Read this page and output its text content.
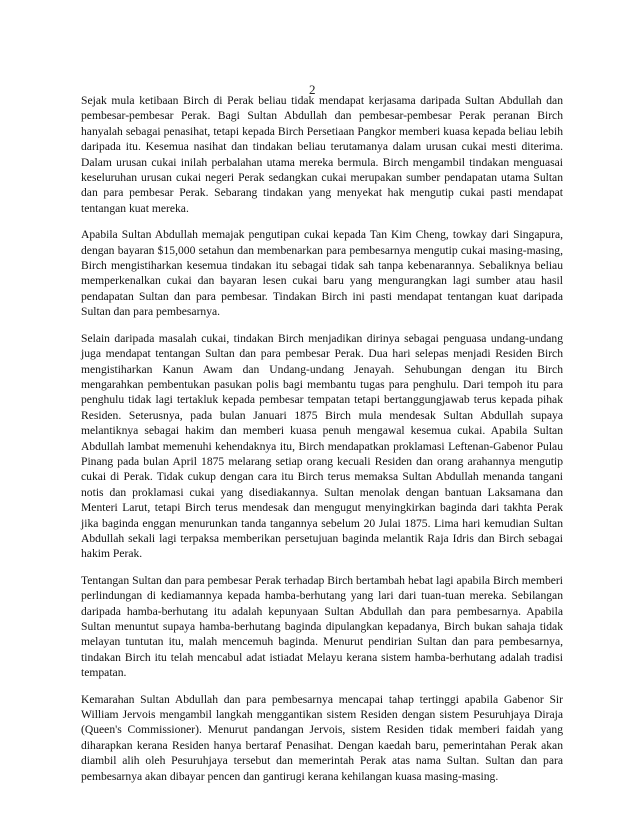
2

Sejak mula ketibaan Birch di Perak beliau tidak mendapat kerjasama daripada Sultan Abdullah dan pembesar-pembesar Perak. Bagi Sultan Abdullah dan pembesar-pembesar Perak peranan Birch hanyalah sebagai penasihat, tetapi kepada Birch Persetiaan Pangkor memberi kuasa kepada beliau lebih daripada itu. Kesemua nasihat dan tindakan beliau terutamanya dalam urusan cukai mesti diterima. Dalam urusan cukai inilah perbalahan utama mereka bermula. Birch mengambil tindakan menguasai keseluruhan urusan cukai negeri Perak sedangkan cukai merupakan sumber pendapatan utama Sultan dan para pembesar Perak. Sebarang tindakan yang menyekat hak mengutip cukai pasti mendapat tentangan kuat mereka.

Apabila Sultan Abdullah memajak pengutipan cukai kepada Tan Kim Cheng, towkay dari Singapura, dengan bayaran $15,000 setahun dan membenarkan para pembesarnya mengutip cukai masing-masing, Birch mengistiharkan kesemua tindakan itu sebagai tidak sah tanpa kebenarannya. Sebaliknya beliau memperkenalkan cukai dan bayaran lesen cukai baru yang mengurangkan lagi sumber atau hasil pendapatan Sultan dan para pembesar. Tindakan Birch ini pasti mendapat tentangan kuat daripada Sultan dan para pembesarnya.

Selain daripada masalah cukai, tindakan Birch menjadikan dirinya sebagai penguasa undang-undang juga mendapat tentangan Sultan dan para pembesar Perak. Dua hari selepas menjadi Residen Birch mengistiharkan Kanun Awam dan Undang-undang Jenayah. Sehubungan dengan itu Birch mengarahkan pembentukan pasukan polis bagi membantu tugas para penghulu. Dari tempoh itu para penghulu tidak lagi tertakluk kepada pembesar tempatan tetapi bertanggungjawab terus kepada pihak Residen. Seterusnya, pada bulan Januari 1875 Birch mula mendesak Sultan Abdullah supaya melantiknya sebagai hakim dan memberi kuasa penuh mengawal kesemua cukai. Apabila Sultan Abdullah lambat memenuhi kehendaknya itu, Birch mendapatkan proklamasi Leftenan-Gabenor Pulau Pinang pada bulan April 1875 melarang setiap orang kecuali Residen dan orang arahannya mengutip cukai di Perak. Tidak cukup dengan cara itu Birch terus memaksa Sultan Abdullah menanda tangani notis dan proklamasi cukai yang disediakannya. Sultan menolak dengan bantuan Laksamana dan Menteri Larut, tetapi Birch terus mendesak dan mengugut menyingkirkan baginda dari takhta Perak jika baginda enggan menurunkan tanda tangannya sebelum 20 Julai 1875. Lima hari kemudian Sultan Abdullah sekali lagi terpaksa memberikan persetujuan baginda melantik Raja Idris dan Birch sebagai hakim Perak.

Tentangan Sultan dan para pembesar Perak terhadap Birch bertambah hebat lagi apabila Birch memberi perlindungan di kediamannya kepada hamba-berhutang yang lari dari tuan-tuan mereka. Sebilangan daripada hamba-berhutang itu adalah kepunyaan Sultan Abdullah dan para pembesarnya. Apabila Sultan menuntut supaya hamba-berhutang baginda dipulangkan kepadanya, Birch bukan sahaja tidak melayan tuntutan itu, malah mencemuh baginda. Menurut pendirian Sultan dan para pembesarnya, tindakan Birch itu telah mencabul adat istiadat Melayu kerana sistem hamba-berhutang adalah tradisi tempatan.

Kemarahan Sultan Abdullah dan para pembesarnya mencapai tahap tertinggi apabila Gabenor Sir William Jervois mengambil langkah menggantikan sistem Residen dengan sistem Pesuruhjaya Diraja (Queen's Commissioner). Menurut pandangan Jervois, sistem Residen tidak memberi faidah yang diharapkan kerana Residen hanya bertaraf Penasihat. Dengan kaedah baru, pemerintahan Perak akan diambil alih oleh Pesuruhjaya tersebut dan memerintah Perak atas nama Sultan. Sultan dan para pembesarnya akan dibayar pencen dan gantirugi kerana kehilangan kuasa masing-masing.
